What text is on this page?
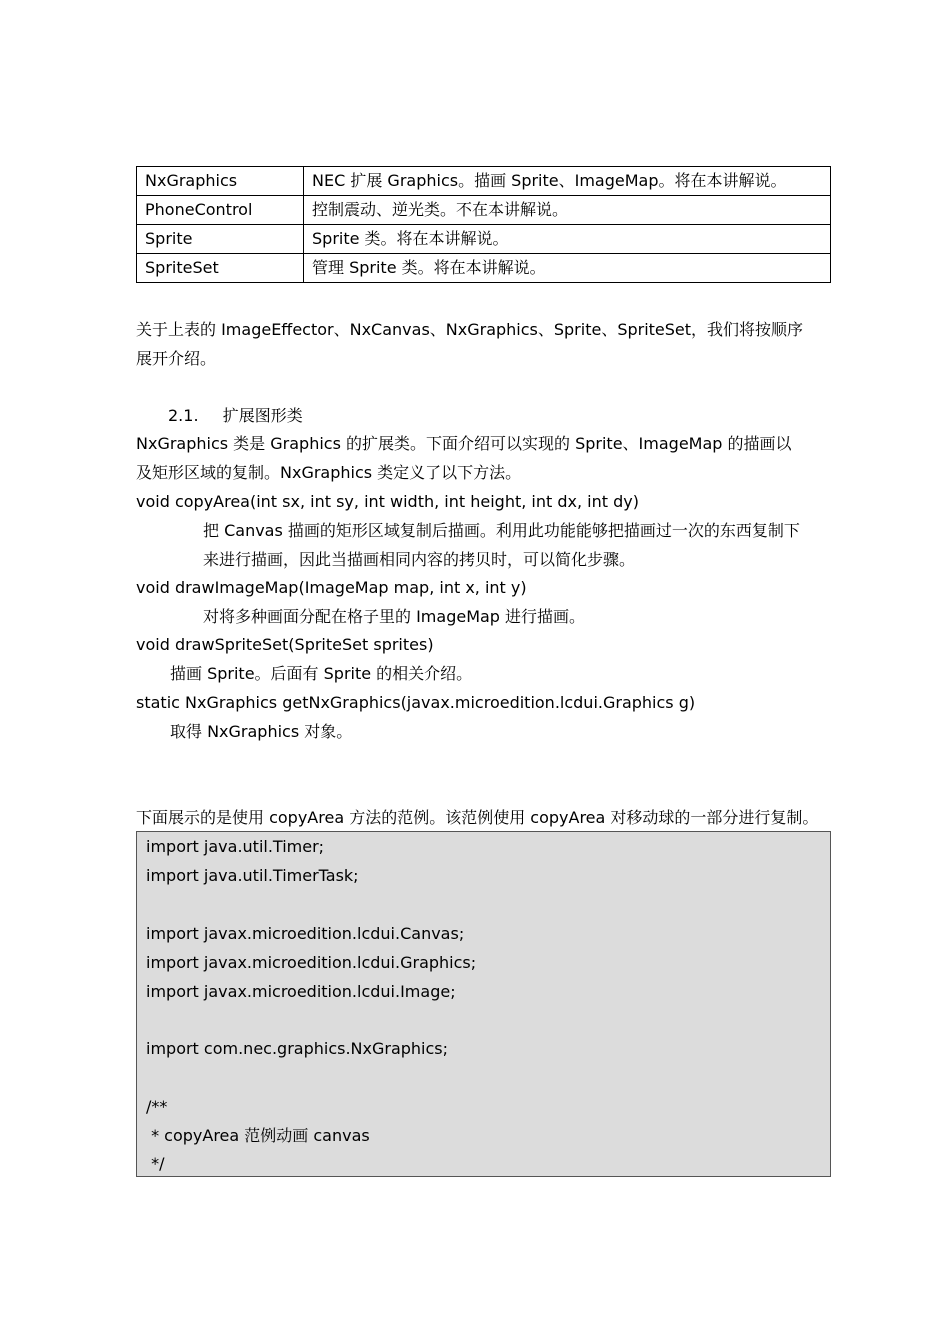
NxGraphics	NEC 扩展 Graphics。描画 Sprite、ImageMap。将在本讲解说。
PhoneControl	控制震动、逆光类。不在本讲解说。
Sprite	Sprite 类。将在本讲解说。
SpriteSet	管理 Sprite 类。将在本讲解说。
关于上表的 ImageEffector、NxCanvas、NxGraphics、Sprite、SpriteSet，我们将按顺序
展开介绍。
2.1. 扩展图形类
NxGraphics 类是 Graphics 的扩展类。下面介绍可以实现的 Sprite、ImageMap 的描画以
及矩形区域的复制。NxGraphics 类定义了以下方法。
void copyArea(int sx, int sy, int width, int height, int dx, int dy)
把 Canvas 描画的矩形区域复制后描画。利用此功能能够把描画过一次的东西复制下
来进行描画，因此当描画相同内容的拷贝时，可以简化步骤。
void drawImageMap(ImageMap map, int x, int y)
对将多种画面分配在格子里的 ImageMap 进行描画。
void drawSpriteSet(SpriteSet sprites)
描画 Sprite。后面有 Sprite 的相关介绍。
static NxGraphics getNxGraphics(javax.microedition.lcdui.Graphics g)
取得 NxGraphics 对象。
下面展示的是使用 copyArea 方法的范例。该范例使用 copyArea 对移动球的一部分进行复制。
import java.util.Timer;
import java.util.TimerTask;
import javax.microedition.lcdui.Canvas;
import javax.microedition.lcdui.Graphics;
import javax.microedition.lcdui.Image;
import com.nec.graphics.NxGraphics;
/**
* copyArea 范例动画 canvas
*/
